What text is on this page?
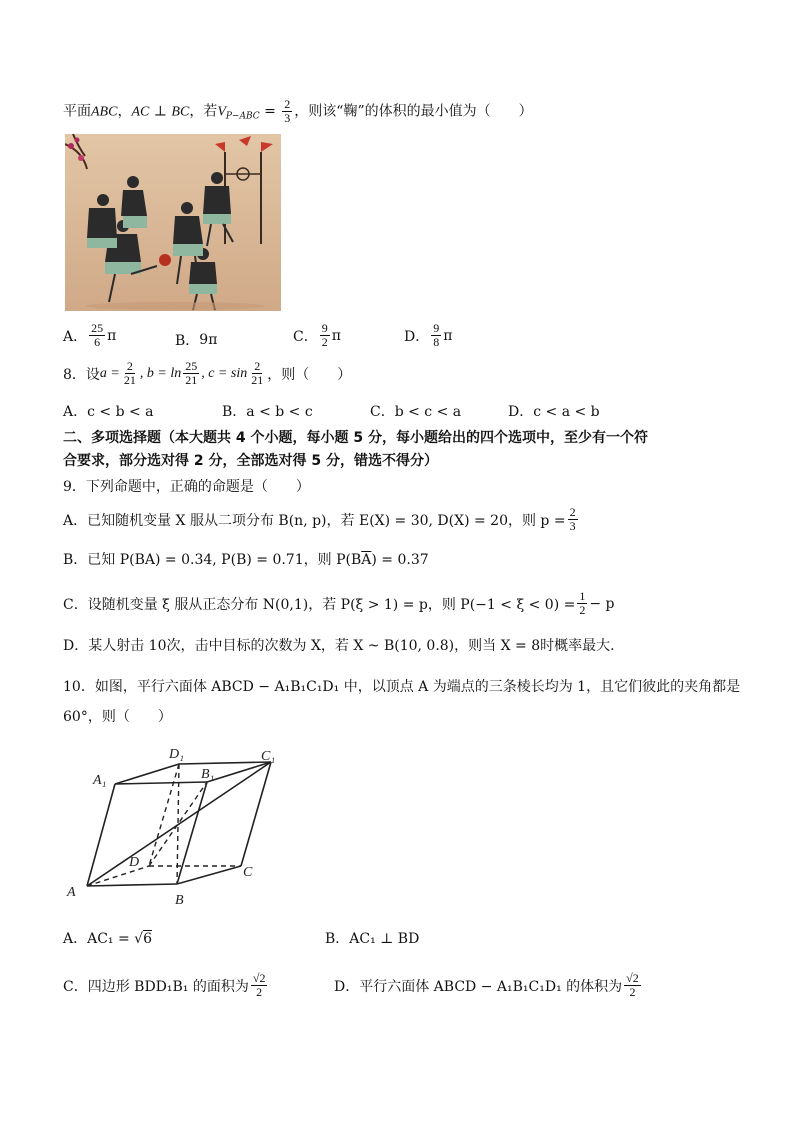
平面ABC，AC ⊥ BC，若$V_{P-ABC} = \frac{2}{3}$ ，则该“鞠”的体积的最小值为（　　）
A． $\frac{25}{6}$ π	B． 9π	C． $\frac{9}{2}$ π	D． $\frac{9}{8}$ π
8．设 $a = \frac{2}{21}$ , $b = \ln \frac{25}{21}$ , $c = \sin \frac{2}{21}$ ，则（　　）
A．c < b < a	B．a < b < c	C．b < c < a	D．c < a < b
二、多项选择题（本大题共 4 个小题，每小题 5 分，每小题给出的四个选项中，至少有一个符
合要求，部分选对得 2 分，全部选对得 5 分，错选不得分）
9．下列命题中，正确的命题是（　　）
A．已知随机变量 X 服从二项分布 B(n, p)，若 E(X) = 30, D(X) = 20，则 $p = \frac{2}{3}$
B．已知 P(BA) = 0.34, P(B) = 0.71，则 $P(B\overline{A}) = 0.37$
C．设随机变量 ξ 服从正态分布 N(0,1)，若 P(ξ > 1) = p，则 $P(-1 < \xi < 0) = \frac{1}{2} - p$
D．某人射击 10次，击中目标的次数为 X，若 X ~ B(10, 0.8)，则当 X = 8时概率最大.
10．如图，平行六面体 ABCD − A₁B₁C₁D₁ 中，以顶点 A 为端点的三条棱长均为 1，且它们彼此的夹角都是
60°，则（　　）
A₁
D₁
B₁
C₁
A
B
C
D
A．AC₁ = √6	B．AC₁ ⊥ BD
C．四边形 BDD₁B₁ 的面积为 $\frac{√2}{2}$	D．平行六面体 ABCD − A₁B₁C₁D₁ 的体积为 $\frac{√2}{2}$
